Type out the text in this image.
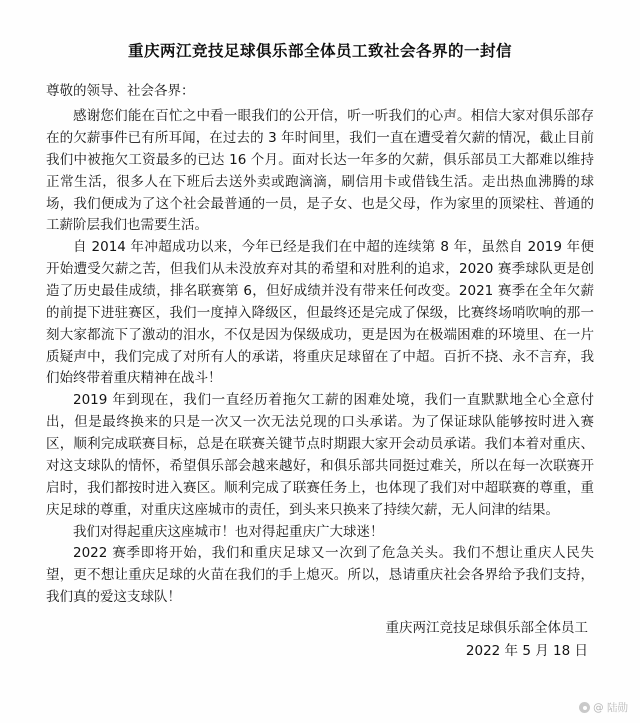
重庆两江竞技足球俱乐部全体员工致社会各界的一封信
尊敬的领导、社会各界：

感谢您们能在百忙之中看一眼我们的公开信，听一听我们的心声。相信大家对俱乐部存在的欠薪事件已有所耳闻，在过去的 3 年时间里，我们一直在遭受着欠薪的情况，截止目前我们中被拖欠工资最多的已达 16 个月。面对长达一年多的欠薪，俱乐部员工大都难以维持正常生活，很多人在下班后去送外卖或跑滴滴，刷信用卡或借钱生活。走出热血沸腾的球场，我们便成为了这个社会最普通的一员，是子女、也是父母，作为家里的顶梁柱、普通的工薪阶层我们也需要生活。

自 2014 年冲超成功以来，今年已经是我们在中超的连续第 8 年，虽然自 2019 年便开始遭受欠薪之苦，但我们从未没放弃对其的希望和对胜利的追求，2020 赛季球队更是创造了历史最佳成绩，排名联赛第 6，但好成绩并没有带来任何改变。2021 赛季在全年欠薪的前提下进驻赛区，我们一度掉入降级区，但最终还是完成了保级，比赛终场哨吹响的那一刻大家都流下了激动的泪水，不仅是因为保级成功，更是因为在极端困难的环境里、在一片质疑声中，我们完成了对所有人的承诺，将重庆足球留在了中超。百折不挠、永不言弃，我们始终带着重庆精神在战斗！

2019 年到现在，我们一直经历着拖欠工薪的困难处境，我们一直默默地全心全意付出，但是最终换来的只是一次又一次无法兑现的口头承诺。为了保证球队能够按时进入赛区，顺利完成联赛目标，总是在联赛关键节点时期跟大家开会动员承诺。我们本着对重庆、对这支球队的情怀，希望俱乐部会越来越好，和俱乐部共同挺过难关，所以在每一次联赛开启时，我们都按时进入赛区。顺利完成了联赛任务上，也体现了我们对中超联赛的尊重，重庆足球的尊重，对重庆这座城市的责任，到头来只换来了持续欠薪，无人问津的结果。

我们对得起重庆这座城市！也对得起重庆广大球迷！

2022 赛季即将开始，我们和重庆足球又一次到了危急关头。我们不想让重庆人民失望，更不想让重庆足球的火苗在我们的手上熄灭。所以，恳请重庆社会各界给予我们支持，我们真的爱这支球队！

重庆两江竞技足球俱乐部全体员工
2022 年 5 月 18 日
@ 陆勋
